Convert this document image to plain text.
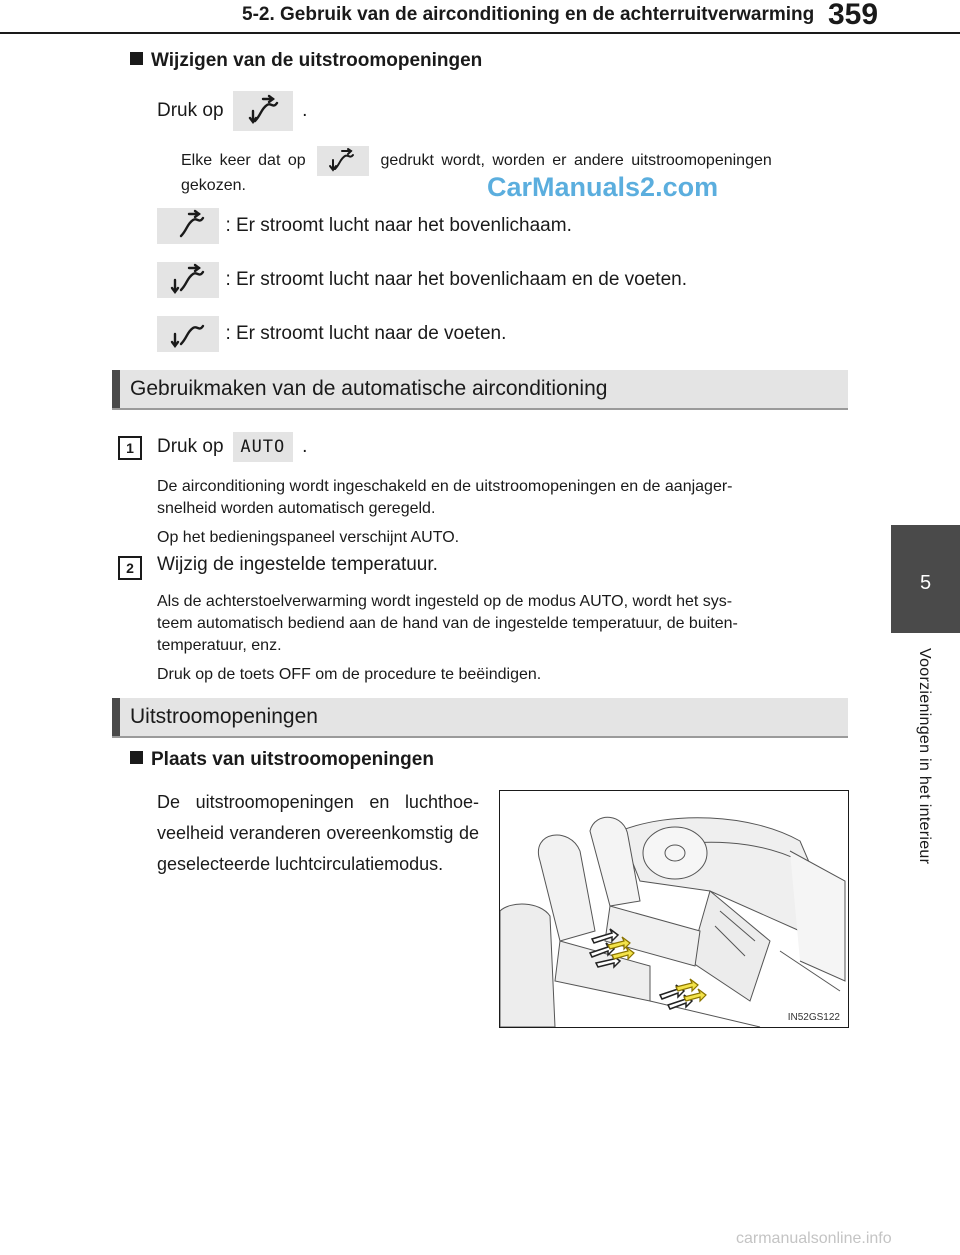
5-2. Gebruik van de airconditioning en de achterruitverwarming 359
5
Voorzieningen in het interieur
Wijzigen van de uitstroomopeningen
Druk op	.
Elke keer dat op	gedrukt wordt, worden er andere uitstroomopeningen
gekozen.
: Er stroomt lucht naar het bovenlichaam.
: Er stroomt lucht naar het bovenlichaam en de voeten.
: Er stroomt lucht naar de voeten.
CarManuals2.com
Gebruikmaken van de automatische airconditioning
1	Druk op AUTO .
De airconditioning wordt ingeschakeld en de uitstroomopeningen en de aanjager-
snelheid worden automatisch geregeld.
Op het bedieningspaneel verschijnt AUTO.
2	Wijzig de ingestelde temperatuur.
Als de achterstoelverwarming wordt ingesteld op de modus AUTO, wordt het sys-
teem automatisch bediend aan de hand van de ingestelde temperatuur, de buiten-
temperatuur, enz.
Druk op de toets OFF om de procedure te beëindigen.
Uitstroomopeningen
Plaats van uitstroomopeningen
De uitstroomopeningen en luchthoe-
veelheid veranderen overeenkomstig de
geselecteerde luchtcirculatiemodus.
IN52GS122
carmanualsonline.info
